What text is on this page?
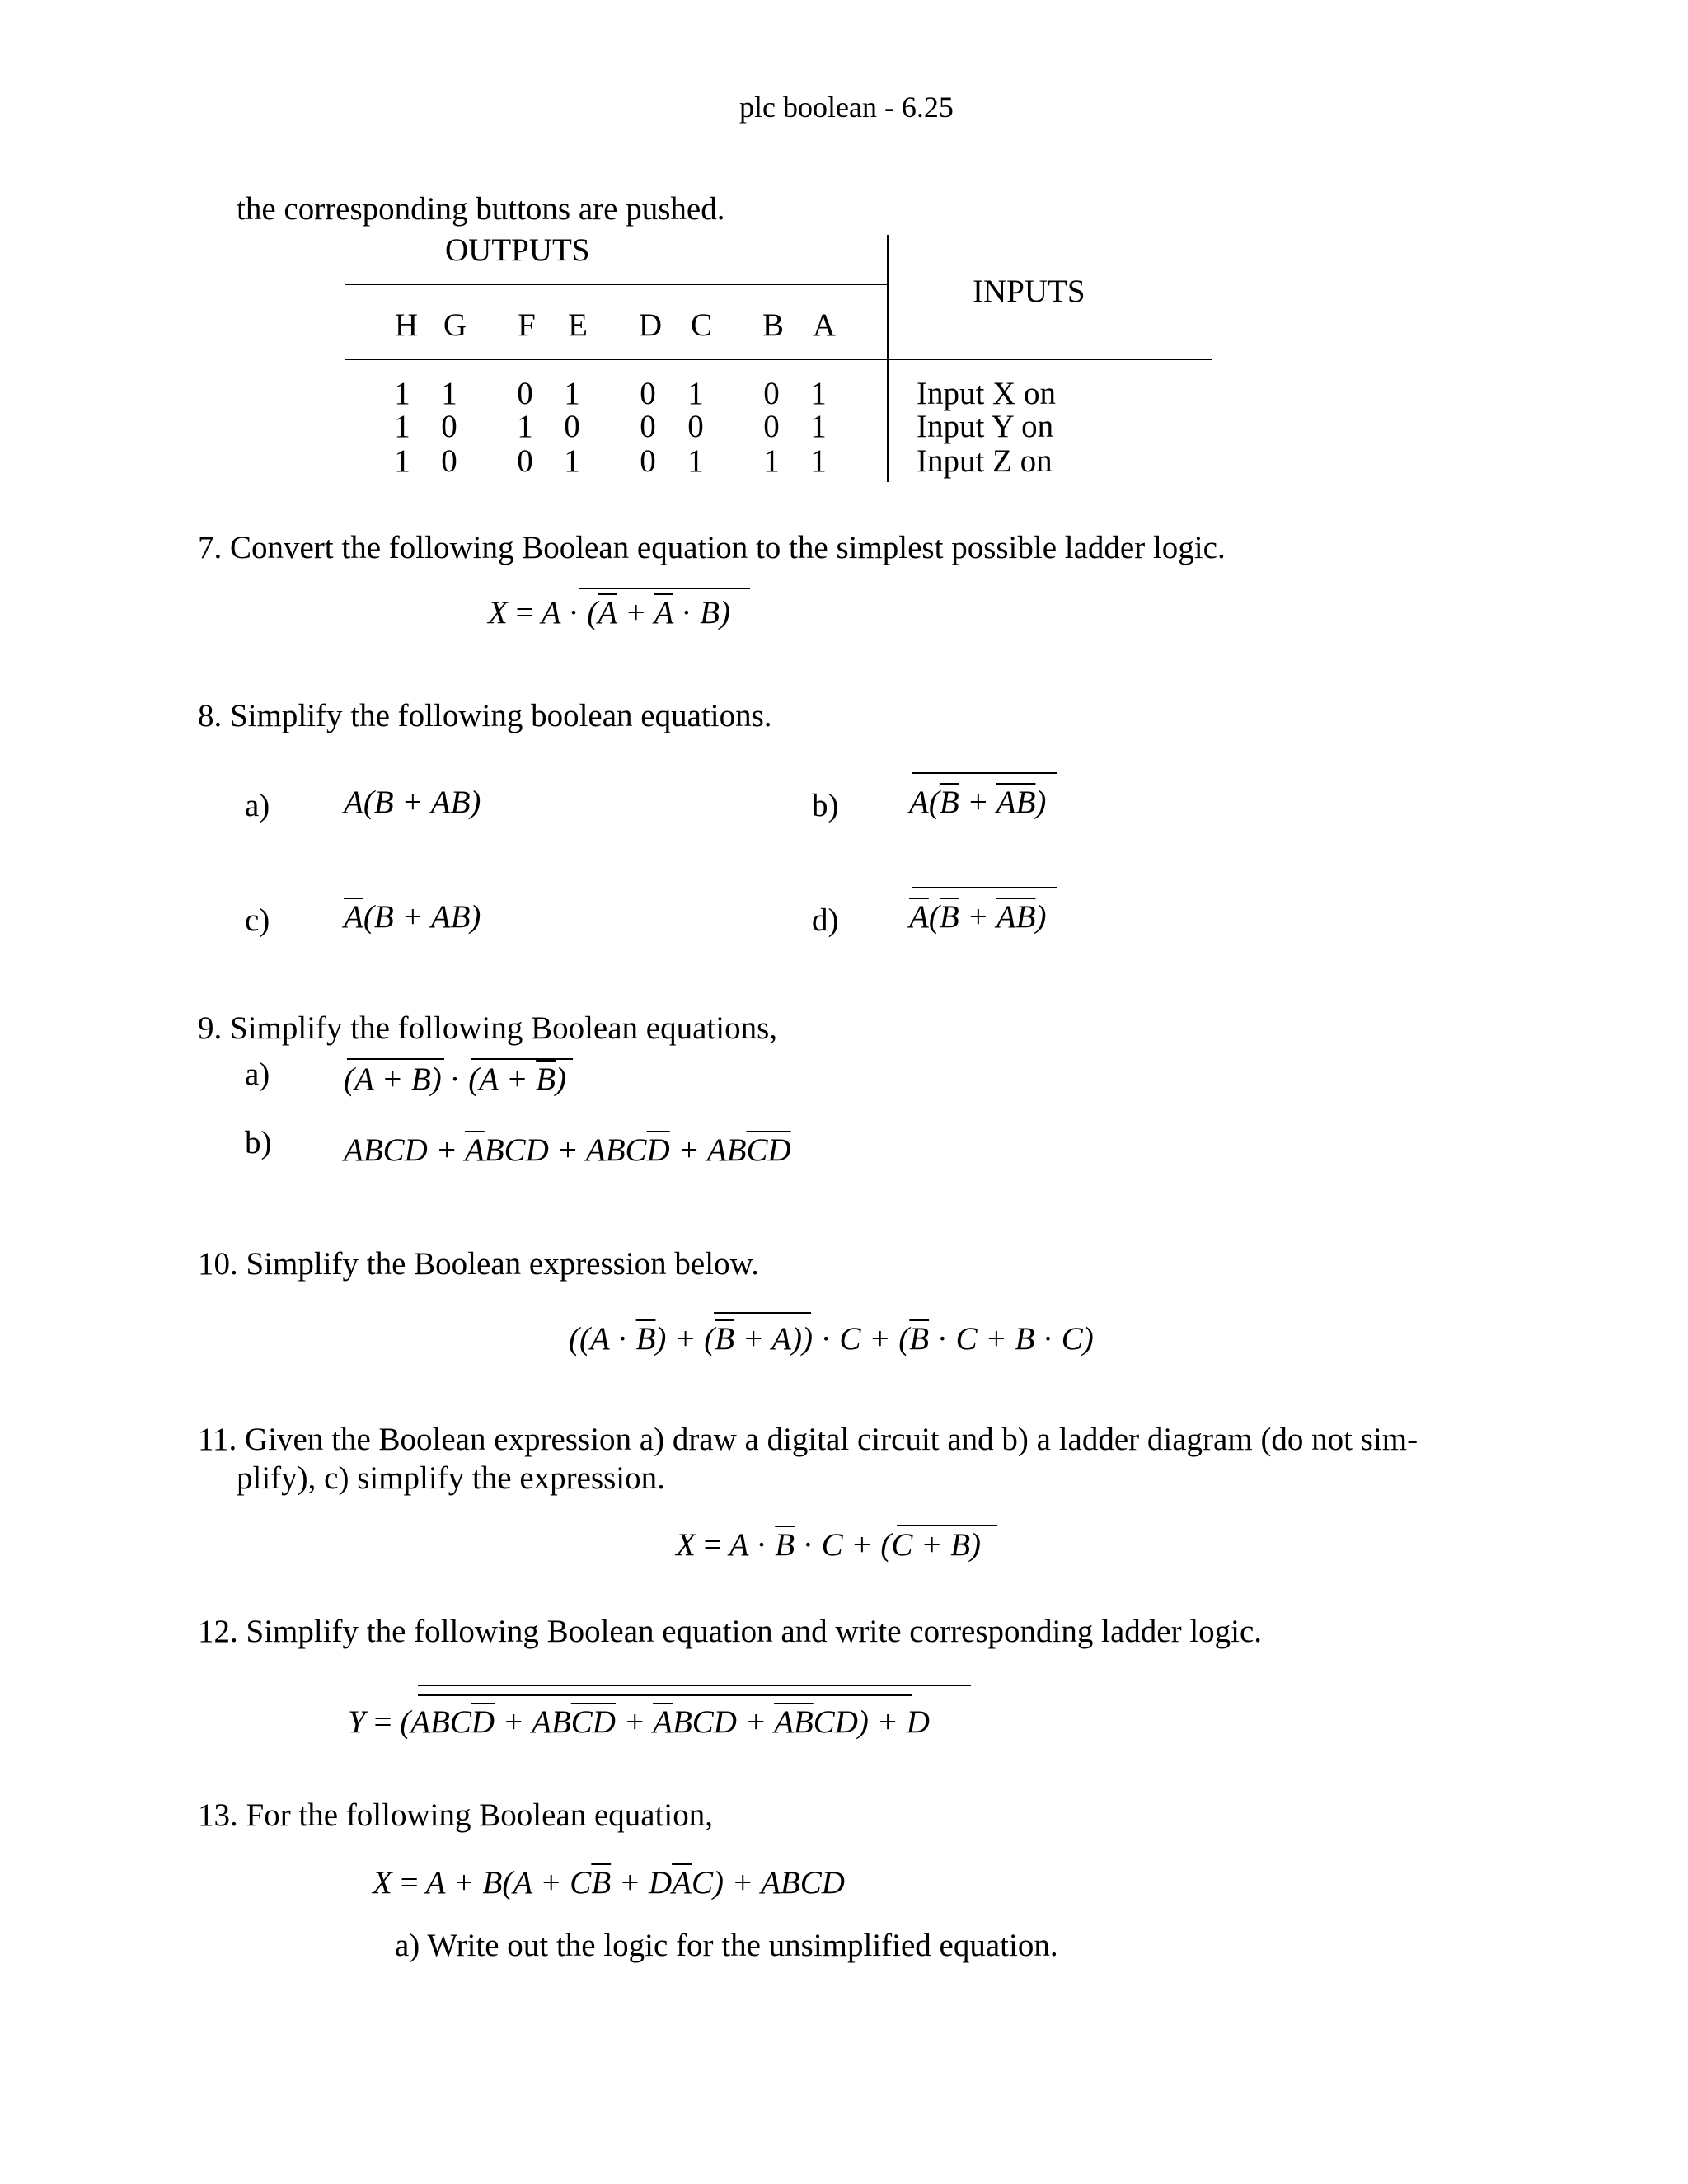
plc boolean - 6.25
the corresponding buttons are pushed.
OUTPUTS
INPUTS
H G F E D C B A
1 1 0 1 0 1 0 1	Input X on
1 0 1 0 0 0 0 1	Input Y on
1 0 0 1 0 1 1 1	Input Z on
7. Convert the following Boolean equation to the simplest possible ladder logic.
$X = A \cdot (\overline{A} + \overline{A} \cdot B)$
8. Simplify the following boolean equations.
a) A(B + AB)	b) $A(\overline{B} + \overline{AB})$
c) $\overline{A}(B + AB)$	d) $\overline{A}(\overline{B} + \overline{AB})$
9. Simplify the following Boolean equations,
a) $(A + B) \cdot (A + \overline{B})$
b) ABCD + $\overline{A}BCD + ABC\overline{D} + AB\overline{CD}$
10. Simplify the Boolean expression below.
$((A \cdot \overline{B}) + (\overline{B} + A)) \cdot C + (\overline{B} \cdot C + B \cdot C)$
11. Given the Boolean expression a) draw a digital circuit and b) a ladder diagram (do not sim-
plify), c) simplify the expression.
$X = A \cdot \overline{B} \cdot C + (C + B)$
12. Simplify the following Boolean equation and write corresponding ladder logic.
$Y = (ABC\overline{D} + AB\overline{CD} + \overline{A}BCD + \overline{AB}CD) + D$
13. For the following Boolean equation,
$X = A + B(A + C\overline{B} + D\overline{A}C)$ + ABCD
a) Write out the logic for the unsimplified equation.
